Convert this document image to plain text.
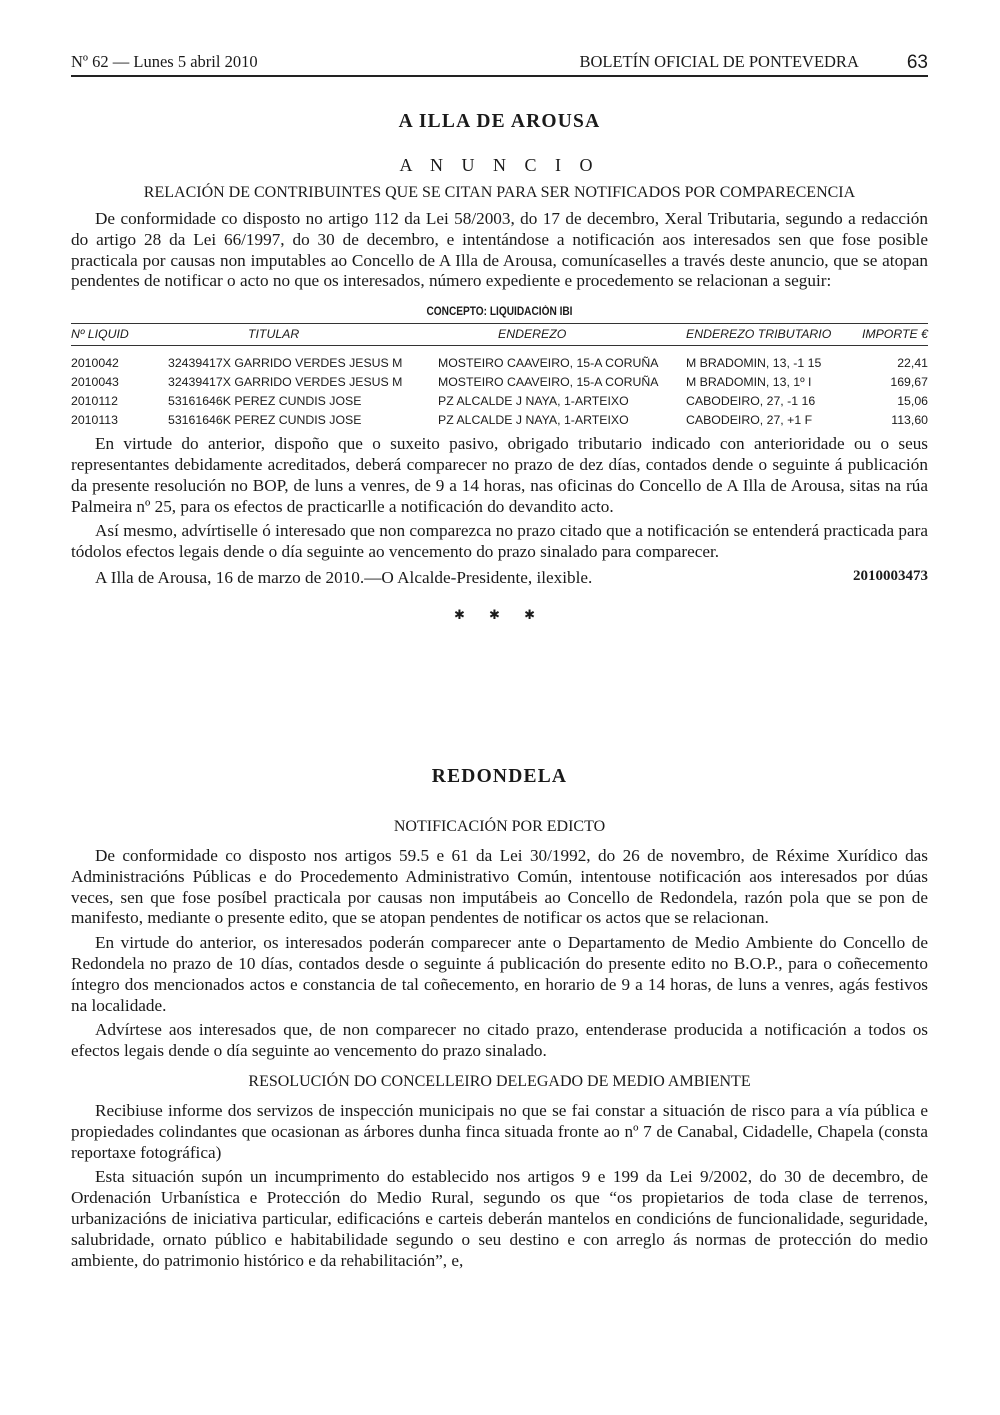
Nº 62 — Lunes 5 abril 2010	BOLETÍN OFICIAL DE PONTEVEDRA	63
A ILLA DE AROUSA
A N U N C I O
RELACIÓN DE CONTRIBUINTES QUE SE CITAN PARA SER NOTIFICADOS POR COMPARECENCIA

De conformidade co disposto no artigo 112 da Lei 58/2003, do 17 de decembro, Xeral Tributaria, segundo a redacción do artigo 28 da Lei 66/1997, do 30 de decembro, e intentándose a notificación aos interesados sen que fose posible practicala por causas non imputables ao Concello de A Illa de Arousa, comunícaselles a través deste anuncio, que se atopan pendentes de notificar o acto no que os interesados, número expediente e procedemento se relacionan a seguir:

CONCEPTO: LIQUIDACIÓN IBI
Nº LIQUID	TITULAR	ENDEREZO	ENDEREZO TRIBUTARIO	IMPORTE €

2010042	32439417X GARRIDO VERDES JESUS M	MOSTEIRO CAAVEIRO, 15-A CORUÑA	M BRADOMIN, 13, -1 15	22,41
2010043	32439417X GARRIDO VERDES JESUS M	MOSTEIRO CAAVEIRO, 15-A CORUÑA	M BRADOMIN, 13, 1º I	169,67
2010112	53161646K PEREZ CUNDIS JOSE	PZ ALCALDE J NAYA, 1-ARTEIXO	CABODEIRO, 27, -1 16	15,06
2010113	53161646K PEREZ CUNDIS JOSE	PZ ALCALDE J NAYA, 1-ARTEIXO	CABODEIRO, 27, +1 F	113,60

En virtude do anterior, dispoño que o suxeito pasivo, obrigado tributario indicado con anterioridade ou o seus representantes debidamente acreditados, deberá comparecer no prazo de dez días, contados dende o seguinte á publicación da presente resolución no BOP, de luns a venres, de 9 a 14 horas, nas oficinas do Concello de A Illa de Arousa, sitas na rúa Palmeira nº 25, para os efectos de practicarlle a notificación do devandito acto.

Así mesmo, advírtiselle ó interesado que non comparezca no prazo citado que a notificación se entenderá practicada para tódolos efectos legais dende o día seguinte ao vencemento do prazo sinalado para comparecer.

A Illa de Arousa, 16 de marzo de 2010.—O Alcalde-Presidente, ilexible.	2010003473
✱ ✱ ✱
REDONDELA
NOTIFICACIÓN POR EDICTO

De conformidade co disposto nos artigos 59.5 e 61 da Lei 30/1992, do 26 de novembro, de Réxime Xurídico das Administracións Públicas e do Procedemento Administrativo Común, intentouse notificación aos interesados por dúas veces, sen que fose posíbel practicala por causas non imputábeis ao Concello de Redondela, razón pola que se pon de manifesto, mediante o presente edito, que se atopan pendentes de notificar os actos que se relacionan.

En virtude do anterior, os interesados poderán comparecer ante o Departamento de Medio Ambiente do Concello de Redondela no prazo de 10 días, contados desde o seguinte á publicación do presente edito no B.O.P., para o coñecemento íntegro dos mencionados actos e constancia de tal coñecemento, en horario de 9 a 14 horas, de luns a venres, agás festivos na localidade.

Advírtese aos interesados que, de non comparecer no citado prazo, entenderase producida a notificación a todos os efectos legais dende o día seguinte ao vencemento do prazo sinalado.

RESOLUCIÓN DO CONCELLEIRO DELEGADO DE MEDIO AMBIENTE

Recibiuse informe dos servizos de inspección municipais no que se fai constar a situación de risco para a vía pública e propiedades colindantes que ocasionan as árbores dunha finca situada fronte ao nº 7 de Canabal, Cidadelle, Chapela (consta reportaxe fotográfica)

Esta situación supón un incumprimento do establecido nos artigos 9 e 199 da Lei 9/2002, do 30 de decembro, de Ordenación Urbanística e Protección do Medio Rural, segundo os que “os propietarios de toda clase de terrenos, urbanizacións de iniciativa particular, edificacións e carteis deberán mantelos en condicións de funcionalidade, seguridade, salubridade, ornato público e habitabilidade segundo o seu destino e con arreglo ás normas de protección do medio ambiente, do patrimonio histórico e da rehabilitación”, e,
